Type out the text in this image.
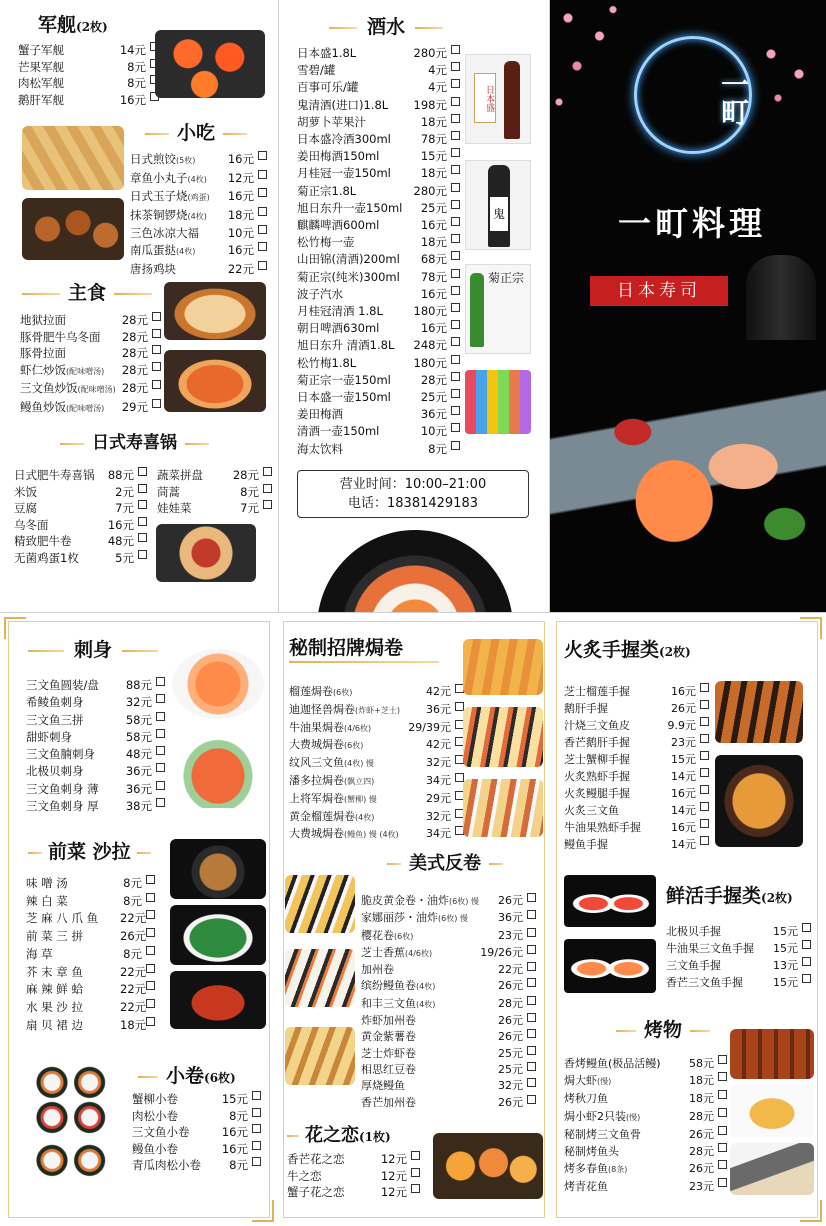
军舰(2枚)
蟹子军舰	14元
芒果军舰	8元
肉松军舰	8元
鹅肝军舰	16元
小吃
日式煎饺(5枚)	16元
章鱼小丸子(4枚)	12元
日式玉子烧(鸡蛋)	16元
抹茶铜锣烧(4枚)	18元
三色冰凉大福	10元
南瓜蛋挞(4枚)	16元
唐扬鸡块	22元
主食
地狱拉面	28元
豚骨肥牛乌冬面	28元
豚骨拉面	28元
虾仁炒饭(配味噌汤)	28元
三文鱼炒饭(配味噌汤) 28元
鳗鱼炒饭(配味噌汤)	29元
日式寿喜锅
日式肥牛寿喜锅	88元
米饭	2元
豆腐	7元
乌冬面	16元
精致肥牛卷	48元
无菌鸡蛋1枚	5元
蔬菜拼盘	28元
茼蒿	8元
娃娃菜	7元
酒水
日本盛1.8L	280元
雪碧/罐	4元
百事可乐/罐	4元
鬼清酒(进口)1.8L	198元
胡萝卜苹果汁	18元
日本盛冷酒300ml	78元
姜田梅酒150ml	15元
月桂冠一壶150ml	18元
菊正宗1.8L	280元
旭日东升一壶150ml	25元
麒麟啤酒600ml	16元
松竹梅一壶	18元
山田锦(清酒)200ml	68元
菊正宗(纯米)300ml	78元
波子汽水	16元
月桂冠清酒 1.8L	180元
朝日啤酒630ml	16元
旭日东升 清酒1.8L	248元
松竹梅1.8L	180元
菊正宗一壶150ml	28元
日本盛一壶150ml	25元
姜田梅酒	36元
清酒一壶150ml	10元
海太饮料	8元
日本盛
鬼
菊正宗
营业时间：10:00–21:00
电话：18381429183
一町
一町料理
日本寿司
刺身
三文鱼圆装/盘	88元
希鲮鱼刺身	32元
三文鱼三拼	58元
甜虾刺身	58元
三文鱼腩刺身	48元
北极贝刺身	36元
三文鱼刺身 薄	36元
三文鱼刺身 厚	38元
前菜 沙拉
味 噌 汤	8元
辣 白 菜	8元
芝 麻 八 爪 鱼	22元
前 菜 三 拼	26元
海 草	8元
芥 末 章 鱼	22元
麻 辣 鲜 蛤	22元
水 果 沙 拉	22元
扇 贝 裙 边	18元
小卷(6枚)
蟹柳小卷	15元
肉松小卷	8元
三文鱼小卷	16元
鳗鱼小卷	16元
青瓜肉松小卷	8元
秘制招牌焗卷
榴莲焗卷(6枚)	42元
迪迦怪兽焗卷(炸虾+芝士)	36元
牛油果焗卷(4/6枚)	29/39元
大费城焗卷(6枚)	42元
纹风三文鱼(4枚) 慢	32元
潘多拉焗卷(飘立四)	34元
上将军焗卷(蟹柳) 慢	29元
黄金榴莲焗卷(4枚)	32元
大费城焗卷(鳗鱼) 慢 (4枚)	34元
美式反卷
脆皮黄金卷・油炸(6枚) 慢	26元
家娜丽莎・油炸(6枚) 慢	36元
樱花卷(6枚)	23元
芝士香蕉(4/6枚)	19/26元
加州卷	22元
缤纷鳗鱼卷(4枚)	26元
和丰三文鱼(4枚)	28元
炸虾加州卷	26元
黄金紫薯卷	26元
芝士炸虾卷	25元
相思红豆卷	25元
厚烧鳗鱼	32元
香芒加州卷	26元
花之恋(1枚)
香芒花之恋	12元
牛之恋	12元
蟹子花之恋	12元
火炙手握类(2枚)
芝士榴莲手握	16元
鹅肝手握	26元
汁烧三文鱼皮	9.9元
香芒鹅肝手握	23元
芝士蟹柳手握	15元
火炙熟虾手握	14元
火炙鳗腿手握	16元
火炙三文鱼	14元
牛油果熟虾手握	16元
鳗鱼手握	14元
鲜活手握类(2枚)
北极贝手握	15元
牛油果三文鱼手握	15元
三文鱼手握	13元
香芒三文鱼手握	15元
烤物
香烤鳗鱼(极品活鳗)	58元
焗大虾(慢)	18元
烤秋刀鱼	18元
焗小虾2只装(慢)	28元
秘制烤三文鱼骨	26元
秘制烤鱼头	28元
烤多春鱼(8条)	26元
烤青花鱼	23元
